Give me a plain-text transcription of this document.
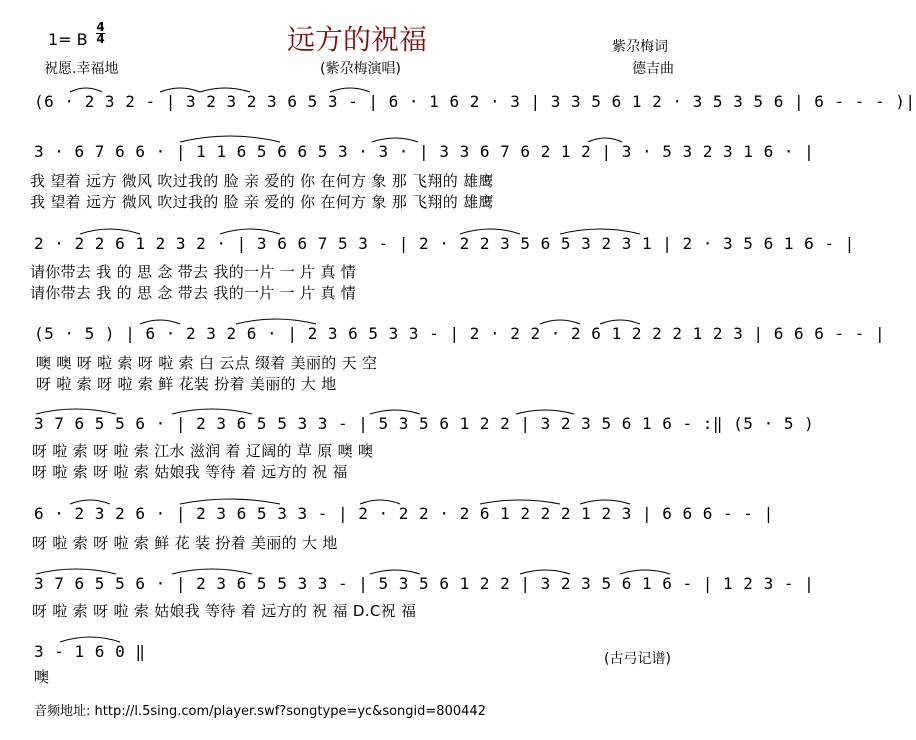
远方的祝福
1= B
4
4
祝愿.幸福地	(紫尕梅演唱)
紫尕梅词
德吉曲
(6 · 2 3 2 - | 3 2 3 2 3 6 5 3 - | 6 · 1 6 2 · 3 | 3 3 5 6 1 2 · 3 5 3 5 6 | 6 - - - )|
3 · 6 7 6 6 · | 1 1 6 5 6 6 5 3 · 3 · | 3 3 6 7 6 2 1 2 | 3 · 5 3 2 3 1 6 · |
我 望着 远方 微风 吹过我的 脸 亲 爱的 你 在何方 象 那 飞翔的 雄鹰
我 望着 远方 微风 吹过我的 脸 亲 爱的 你 在何方 象 那 飞翔的 雄鹰
2 · 2 2 6 1 2 3 2 · | 3 6 6 7 5 3 - | 2 · 2 2 3 5 6 5 3 2 3 1 | 2 · 3 5 6 1 6 - |
请你带去 我 的 思 念 带去 我的一片 一 片 真 情
请你带去 我 的 思 念 带去 我的一片 一 片 真 情
(5 · 5 ) | 6 · 2 3 2 6 · | 2 3 6 5 3 3 - | 2 · 2 2 · 2 6 1 2 2 2 1 2 3 | 6 6 6 - - |
噢 噢 呀 啦 索 呀 啦 索 白 云点 缀着 美丽的 天 空
呀 啦 索 呀 啦 索 鲜 花装 扮着 美丽的 大 地
3 7 6 5 5 6 · | 2 3 6 5 5 3 3 - | 5 3 5 6 1 2 2 | 3 2 3 5 6 1 6 - :‖ (5 · 5 )
呀 啦 索 呀 啦 索 江水 滋润 着 辽阔的 草 原 噢 噢
呀 啦 索 呀 啦 索 姑娘我 等待 着 远方的 祝 福
6 · 2 3 2 6 · | 2 3 6 5 3 3 - | 2 · 2 2 · 2 6 1 2 2 2 1 2 3 | 6 6 6 - - |
呀 啦 索 呀 啦 索 鲜 花 装 扮着 美丽的 大 地
3 7 6 5 5 6 · | 2 3 6 5 5 3 3 - | 5 3 5 6 1 2 2 | 3 2 3 5 6 1 6 - | 1 2 3 - |
呀 啦 索 呀 啦 索 姑娘我 等待 着 远方的 祝 福 D.C祝 福
3 - 1 6 0 ‖
噢
(古弓记谱)
音频地址: http://l.5sing.com/player.swf?songtype=yc&songid=800442
